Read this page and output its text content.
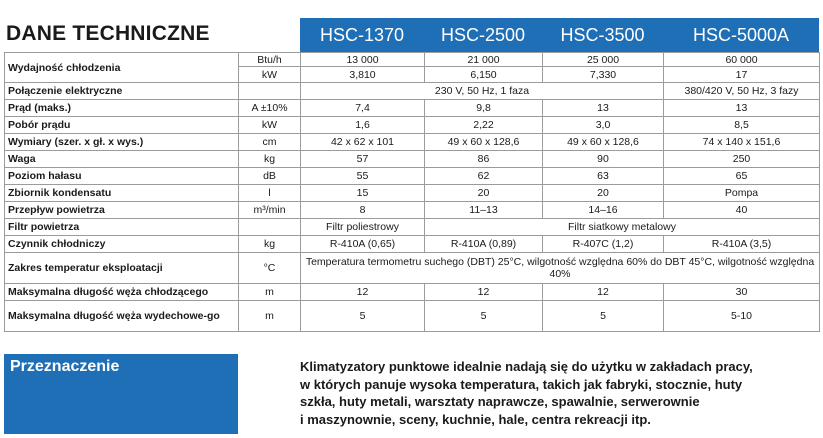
DANE TECHNICZNE	HSC-1370	HSC-2500	HSC-3500	HSC-5000A
Wydajność chłodzenia	Btu/h	13 000	21 000	25 000	60 000
	kW	3,810	6,150	7,330	17
Połączenie elektryczne		230 V, 50 Hz, 1 faza			380/420 V, 50 Hz, 3 fazy
Prąd (maks.)	A ±10%	7,4	9,8	13	13
Pobór prądu	kW	1,6	2,22	3,0	8,5
Wymiary (szer. x gł. x wys.)	cm	42 x 62 x 101	49 x 60 x 128,6	49 x 60 x 128,6	74 x 140 x 151,6
Waga	kg	57	86	90	250
Poziom hałasu	dB	55	62	63	65
Zbiornik kondensatu	l	15	20	20	Pompa
Przepływ powietrza	m³/min	8	11–13	14–16	40
Filtr powietrza		Filtr poliestrowy	Filtr siatkowy metalowy		
Czynnik chłodniczy	kg	R-410A (0,65)	R-410A (0,89)	R-407C (1,2)	R-410A (3,5)
Zakres temperatur eksploatacji	°C	Temperatura termometru suchego (DBT) 25°C, wilgotność względna 60% do DBT 45°C, wilgotność względna 40%			
Maksymalna długość węża chłodzącego	m	12	12	12	30
Maksymalna długość węża wydechowe-go	m	5	5	5	5-10
Przeznaczenie	Klimatyzatory punktowe idealnie nadają się do użytku w zakładach pracy,
w których panuje wysoka temperatura, takich jak fabryki, stocznie, huty
szkła, huty metali, warsztaty naprawcze, spawalnie, serwerownie
i maszynownie, sceny, kuchnie, hale, centra rekreacji itp.
